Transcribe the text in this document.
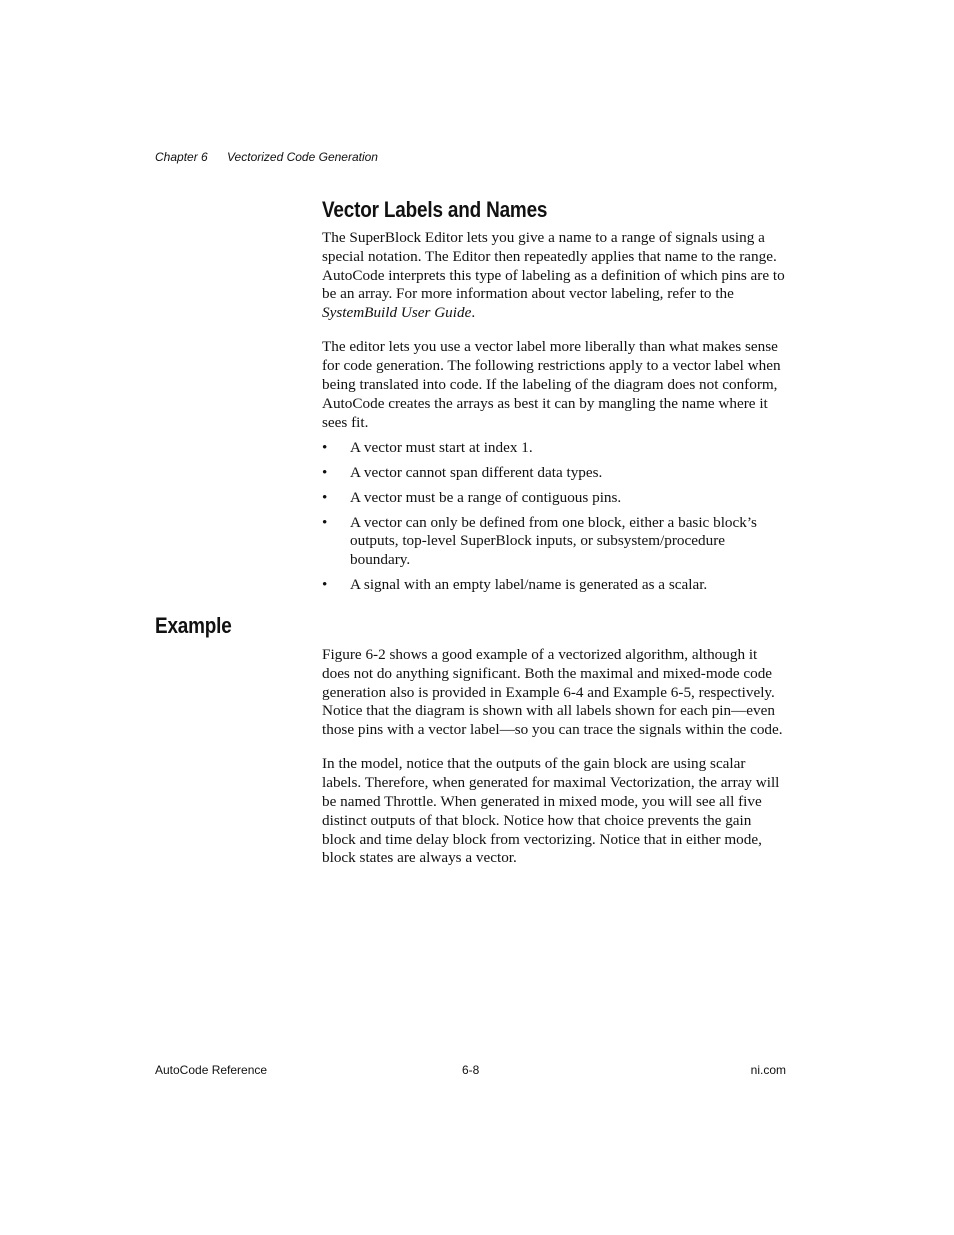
Chapter 6 Vectorized Code Generation
Vector Labels and Names

The SuperBlock Editor lets you give a name to a range of signals using a special notation. The Editor then repeatedly applies that name to the range. AutoCode interprets this type of labeling as a definition of which pins are to be an array. For more information about vector labeling, refer to the SystemBuild User Guide.

The editor lets you use a vector label more liberally than what makes sense for code generation. The following restrictions apply to a vector label when being translated into code. If the labeling of the diagram does not conform, AutoCode creates the arrays as best it can by mangling the name where it sees fit.

• A vector must start at index 1.
• A vector cannot span different data types.
• A vector must be a range of contiguous pins.
• A vector can only be defined from one block, either a basic block’s outputs, top-level SuperBlock inputs, or subsystem/procedure boundary.
• A signal with an empty label/name is generated as a scalar.
Example

Figure 6-2 shows a good example of a vectorized algorithm, although it does not do anything significant. Both the maximal and mixed-mode code generation also is provided in Example 6-4 and Example 6-5, respectively. Notice that the diagram is shown with all labels shown for each pin—even those pins with a vector label—so you can trace the signals within the code.

In the model, notice that the outputs of the gain block are using scalar labels. Therefore, when generated for maximal Vectorization, the array will be named Throttle. When generated in mixed mode, you will see all five distinct outputs of that block. Notice how that choice prevents the gain block and time delay block from vectorizing. Notice that in either mode, block states are always a vector.

AutoCode Reference	6-8	ni.com
